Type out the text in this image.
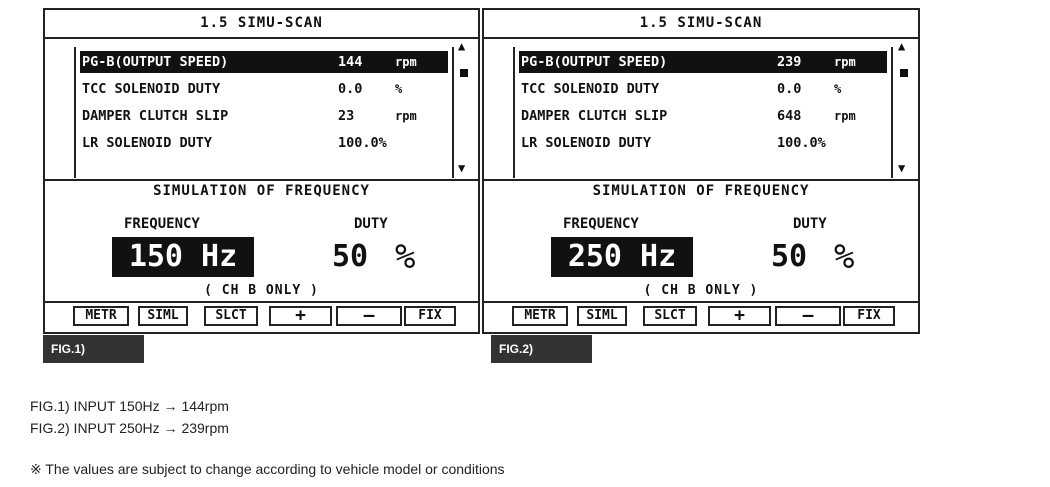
1.5 SIMU-SCAN
PG-B(OUTPUT SPEED)	144	rpm
TCC SOLENOID DUTY	0.0	%
DAMPER CLUTCH SLIP	23	rpm
LR SOLENOID DUTY	100.0%
▲
▼
SIMULATION OF FREQUENCY
FREQUENCY	DUTY
150 Hz	50 %
( CH B ONLY )
METR	SIML	SLCT	+	—	FIX
1.5 SIMU-SCAN
PG-B(OUTPUT SPEED)	239	rpm
TCC SOLENOID DUTY	0.0	%
DAMPER CLUTCH SLIP	648	rpm
LR SOLENOID DUTY	100.0%
▲
▼
SIMULATION OF FREQUENCY
FREQUENCY	DUTY
250 Hz	50 %
( CH B ONLY )
METR	SIML	SLCT	+	—	FIX
FIG.1)	FIG.2)
FIG.1) INPUT 150Hz → 144rpm
FIG.2) INPUT 250Hz → 239rpm
※ The values are subject to change according to vehicle model or conditions
